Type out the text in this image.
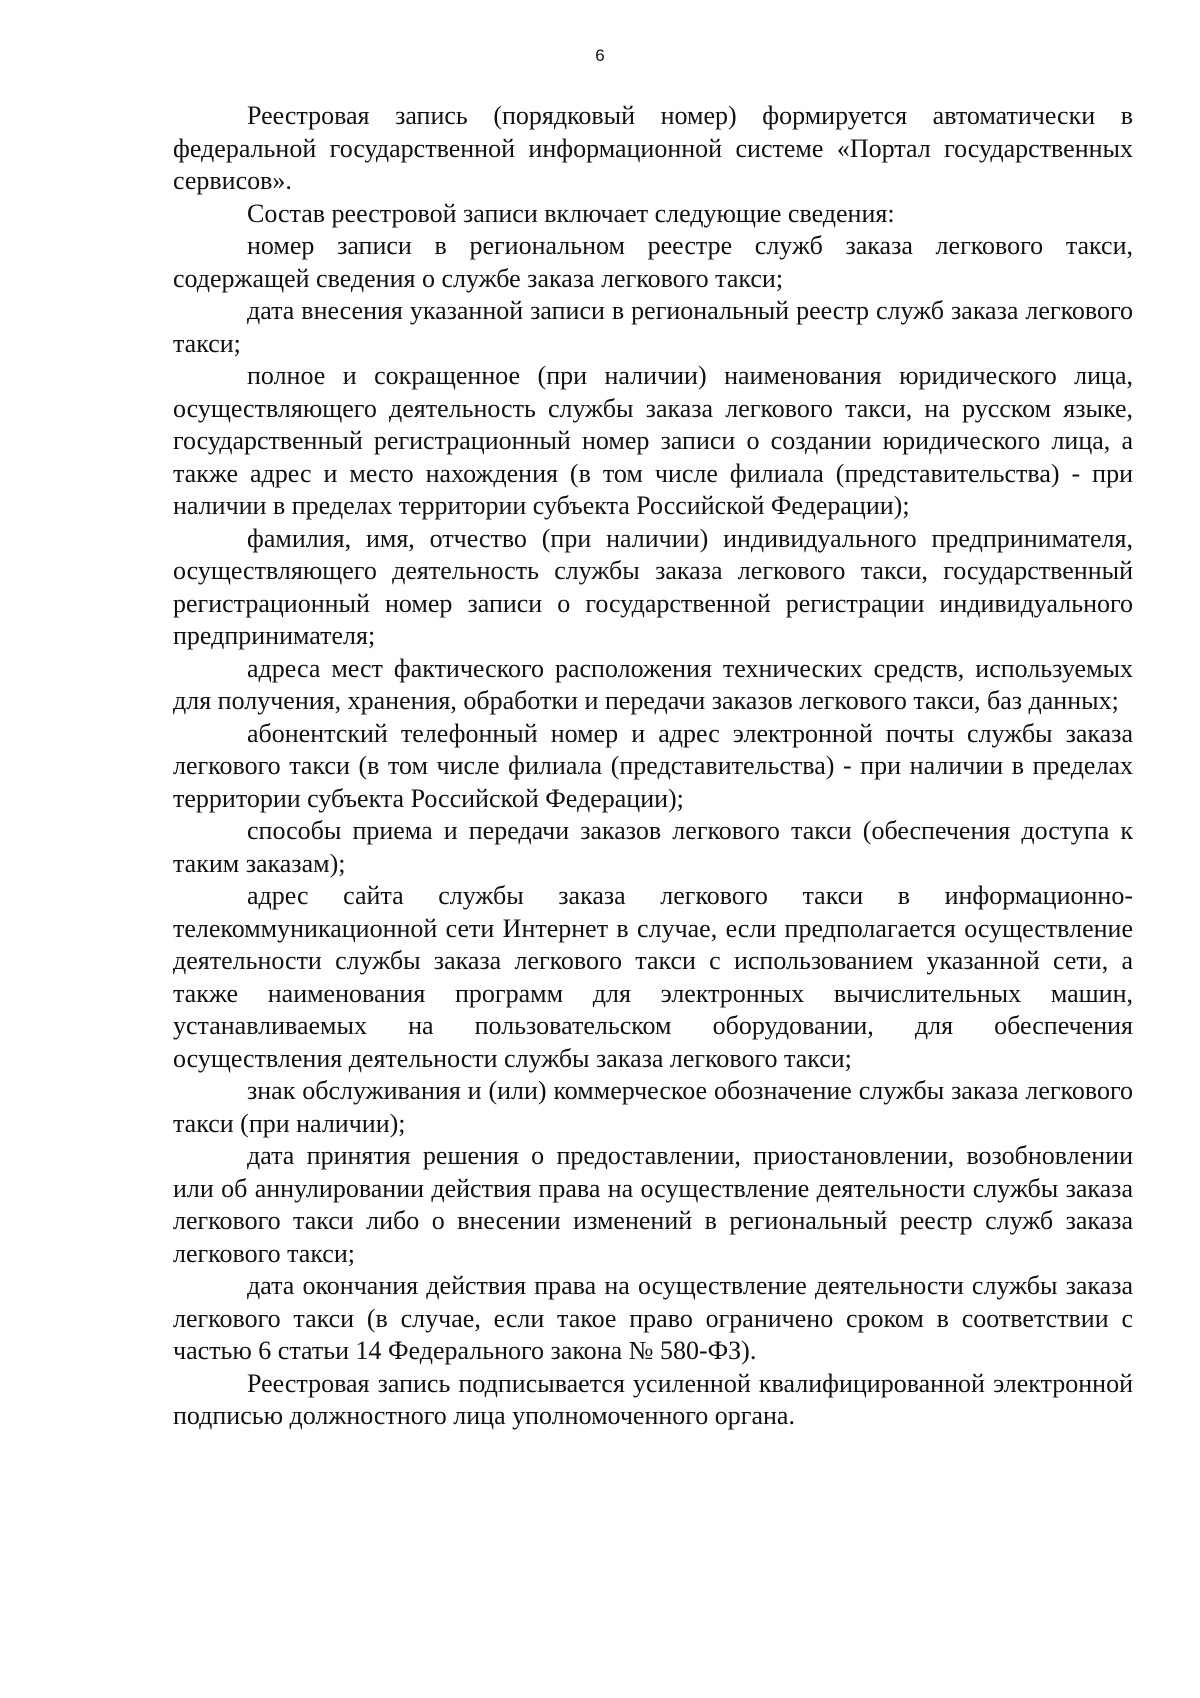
6

Реестровая запись (порядковый номер) формируется автоматически в федеральной государственной информационной системе «Портал государственных сервисов».

Состав реестровой записи включает следующие сведения:

номер записи в региональном реестре служб заказа легкового такси, содержащей сведения о службе заказа легкового такси;

дата внесения указанной записи в региональный реестр служб заказа легкового такси;

полное и сокращенное (при наличии) наименования юридического лица, осуществляющего деятельность службы заказа легкового такси, на русском языке, государственный регистрационный номер записи о создании юридического лица, а также адрес и место нахождения (в том числе филиала (представительства) - при наличии в пределах территории субъекта Российской Федерации);

фамилия, имя, отчество (при наличии) индивидуального предпринимателя, осуществляющего деятельность службы заказа легкового такси, государственный регистрационный номер записи о государственной регистрации индивидуального предпринимателя;

адреса мест фактического расположения технических средств, используемых для получения, хранения, обработки и передачи заказов легкового такси, баз данных;

абонентский телефонный номер и адрес электронной почты службы заказа легкового такси (в том числе филиала (представительства) - при наличии в пределах территории субъекта Российской Федерации);

способы приема и передачи заказов легкового такси (обеспечения доступа к таким заказам);

адрес сайта службы заказа легкового такси в информационно-телекоммуникационной сети Интернет в случае, если предполагается осуществление деятельности службы заказа легкового такси с использованием указанной сети, а также наименования программ для электронных вычислительных машин, устанавливаемых на пользовательском оборудовании, для обеспечения осуществления деятельности службы заказа легкового такси;

знак обслуживания и (или) коммерческое обозначение службы заказа легкового такси (при наличии);

дата принятия решения о предоставлении, приостановлении, возобновлении или об аннулировании действия права на осуществление деятельности службы заказа легкового такси либо о внесении изменений в региональный реестр служб заказа легкового такси;

дата окончания действия права на осуществление деятельности службы заказа легкового такси (в случае, если такое право ограничено сроком в соответствии с частью 6 статьи 14 Федерального закона № 580-ФЗ).

Реестровая запись подписывается усиленной квалифицированной электронной подписью должностного лица уполномоченного органа.
